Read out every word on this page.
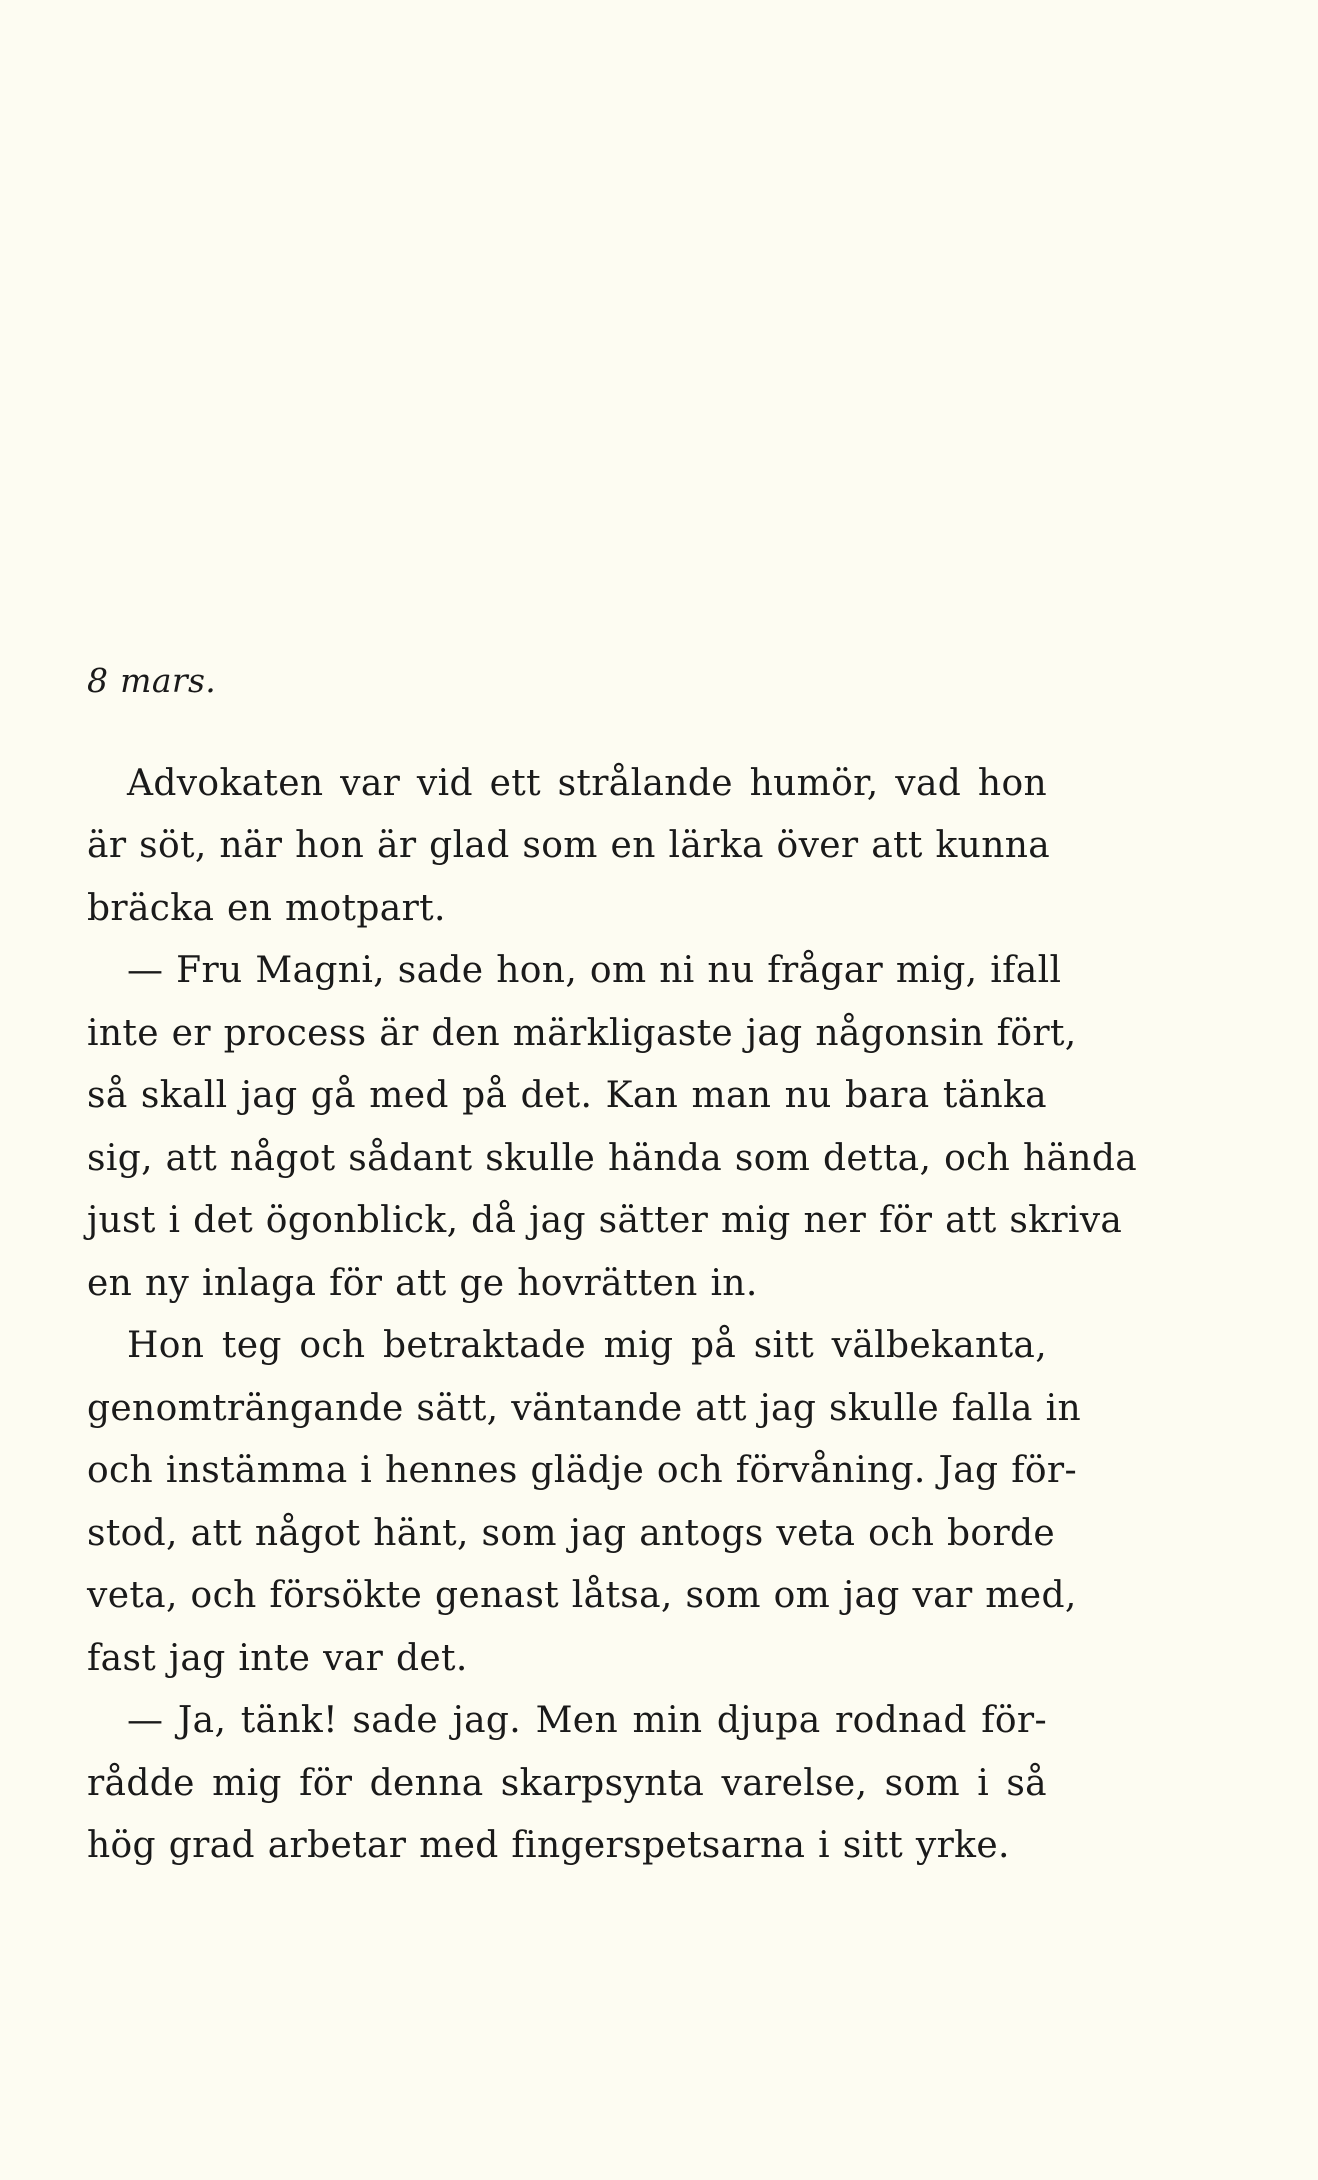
8 mars.
Advokaten var vid ett strålande humör, vad hon
är söt, när hon är glad som en lärka över att kunna
bräcka en motpart.
— Fru Magni, sade hon, om ni nu frågar mig, ifall
inte er process är den märkligaste jag någonsin fört,
så skall jag gå med på det. Kan man nu bara tänka
sig, att något sådant skulle hända som detta, och hända
just i det ögonblick, då jag sätter mig ner för att skriva
en ny inlaga för att ge hovrätten in.
Hon teg och betraktade mig på sitt välbekanta,
genomträngande sätt, väntande att jag skulle falla in
och instämma i hennes glädje och förvåning. Jag för-
stod, att något hänt, som jag antogs veta och borde
veta, och försökte genast låtsa, som om jag var med,
fast jag inte var det.
— Ja, tänk! sade jag. Men min djupa rodnad för-
rådde mig för denna skarpsynta varelse, som i så
hög grad arbetar med fingerspetsarna i sitt yrke.
